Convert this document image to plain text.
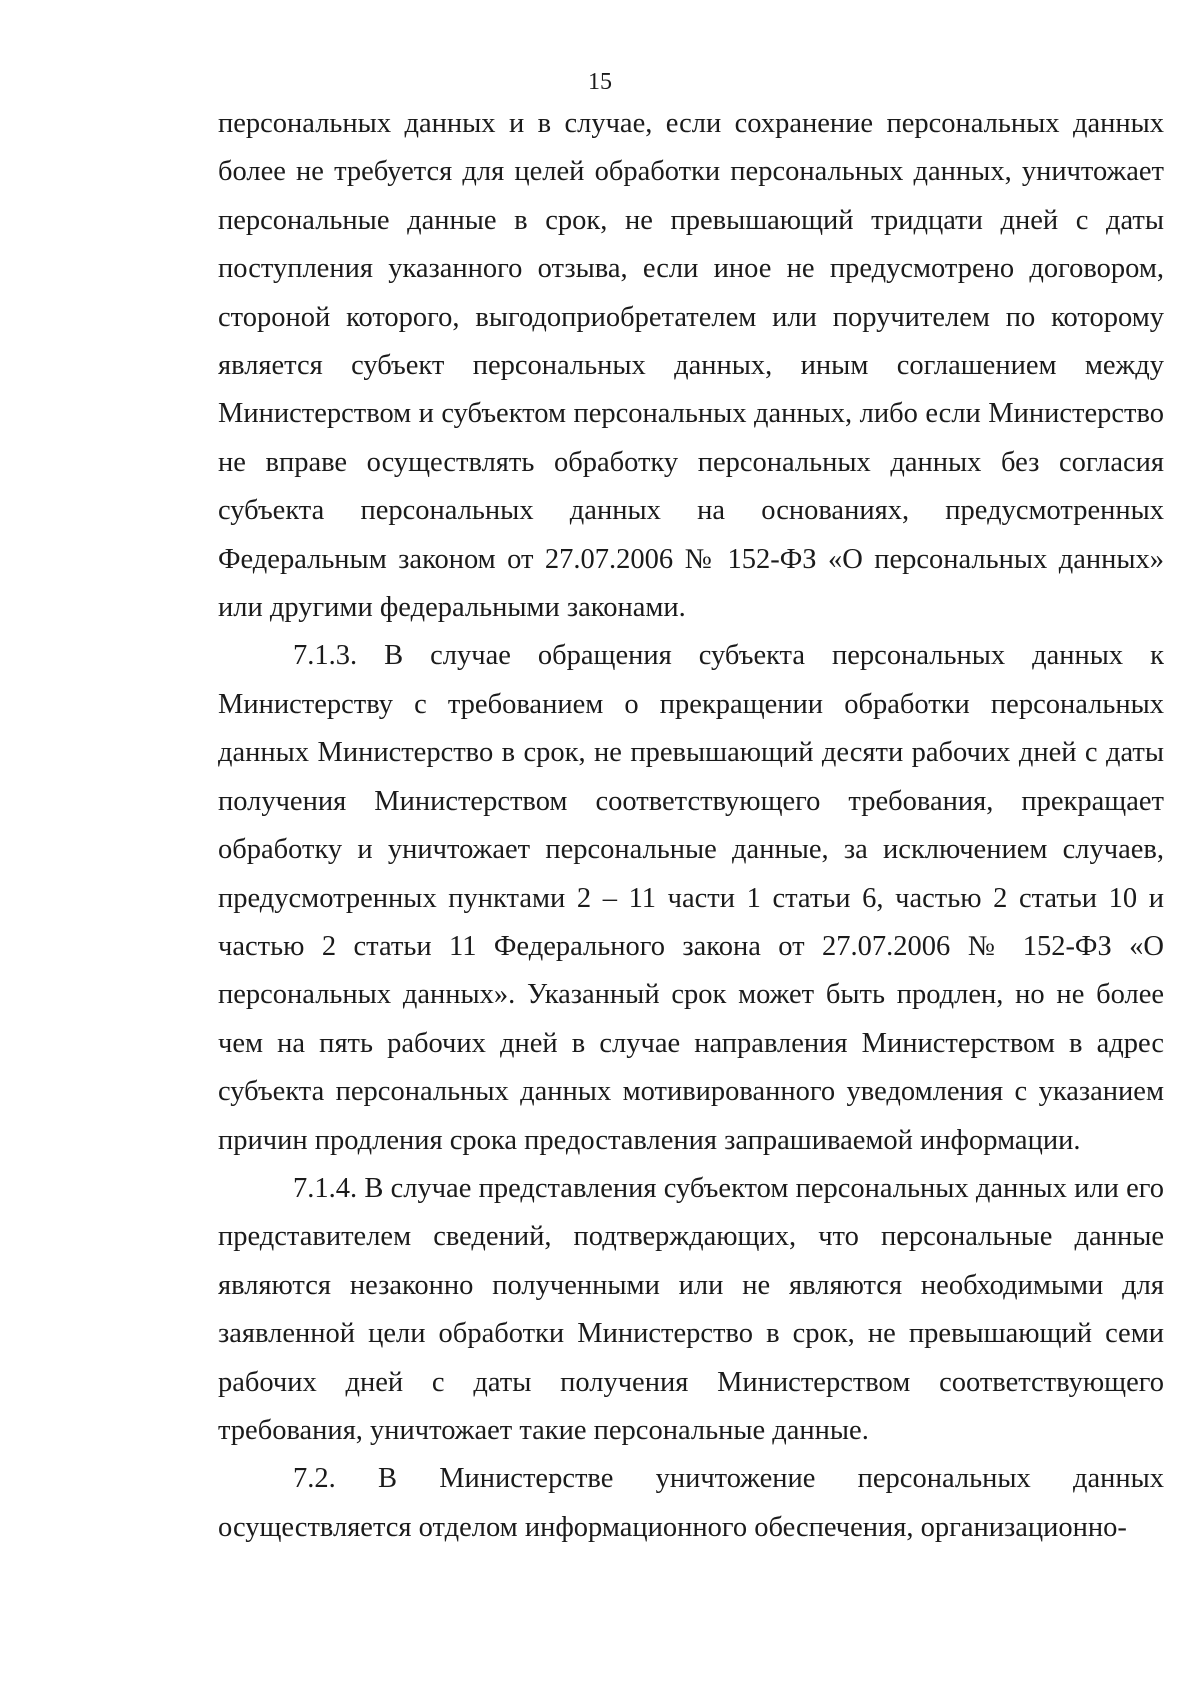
15

персональных данных и в случае, если сохранение персональных данных более не требуется для целей обработки персональных данных, уничтожает персональные данные в срок, не превышающий тридцати дней с даты поступления указанного отзыва, если иное не предусмотрено договором, стороной которого, выгодоприобретателем или поручителем по которому является субъект персональных данных, иным соглашением между Министерством и субъектом персональных данных, либо если Министерство не вправе осуществлять обработку персональных данных без согласия субъекта персональных данных на основаниях, предусмотренных Федеральным законом от 27.07.2006 № 152-ФЗ «О персональных данных» или другими федеральными законами.

7.1.3. В случае обращения субъекта персональных данных к Министерству с требованием о прекращении обработки персональных данных Министерство в срок, не превышающий десяти рабочих дней с даты получения Министерством соответствующего требования, прекращает обработку и уничтожает персональные данные, за исключением случаев, предусмотренных пунктами 2 – 11 части 1 статьи 6, частью 2 статьи 10 и частью 2 статьи 11 Федерального закона от 27.07.2006 № 152-ФЗ «О персональных данных». Указанный срок может быть продлен, но не более чем на пять рабочих дней в случае направления Министерством в адрес субъекта персональных данных мотивированного уведомления с указанием причин продления срока предоставления запрашиваемой информации.

7.1.4. В случае представления субъектом персональных данных или его представителем сведений, подтверждающих, что персональные данные являются незаконно полученными или не являются необходимыми для заявленной цели обработки Министерство в срок, не превышающий семи рабочих дней с даты получения Министерством соответствующего требования, уничтожает такие персональные данные.

7.2. В Министерстве уничтожение персональных данных осуществляется отделом информационного обеспечения, организационно-
